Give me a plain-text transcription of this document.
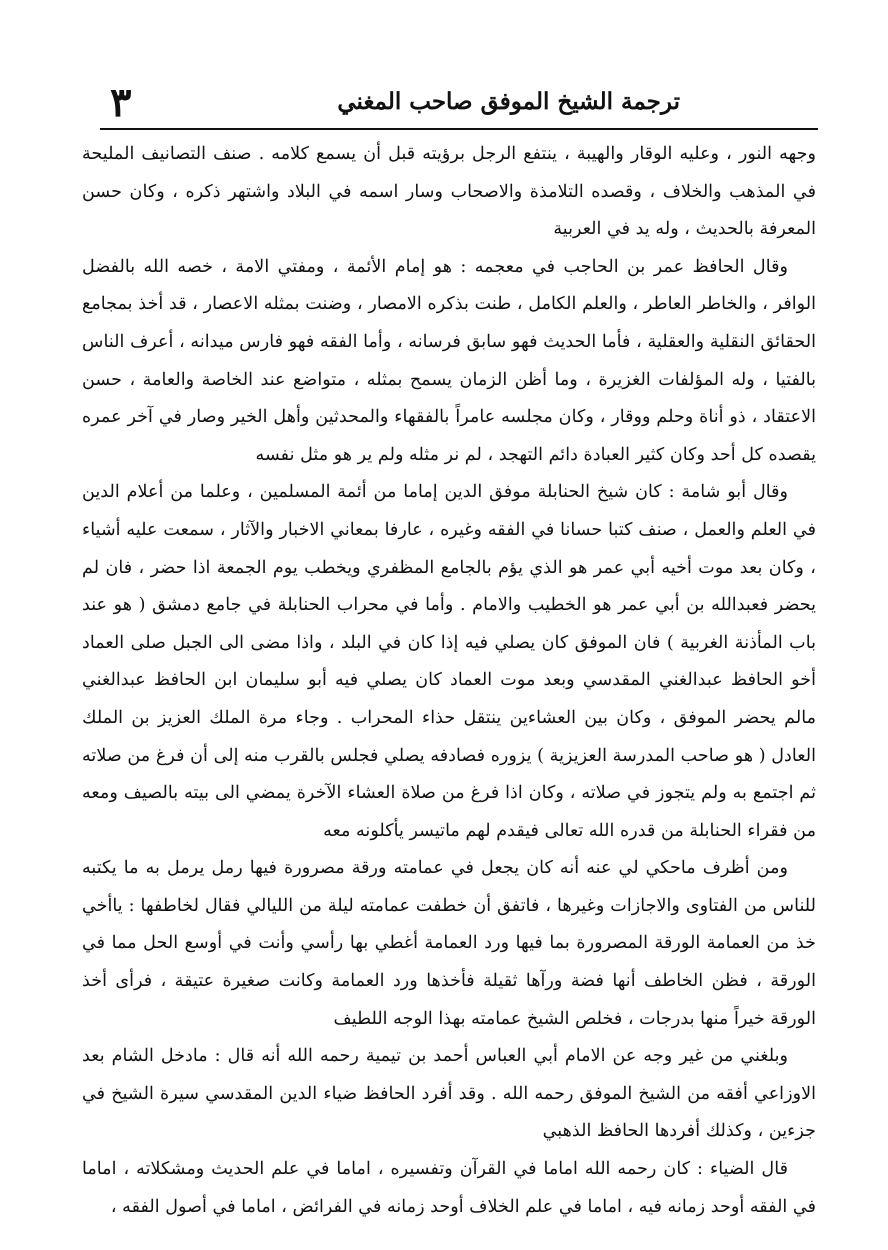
٣	ترجمة الشيخ الموفق صاحب المغني

وجهه النور ، وعليه الوقار والهيبة ، ينتفع الرجل برؤيته قبل أن يسمع كلامه . صنف التصانيف المليحة في المذهب والخلاف ، وقصده التلامذة والاصحاب وسار اسمه في البلاد واشتهر ذكره ، وكان حسن المعرفة بالحديث ، وله يد في العربية

وقال الحافظ عمر بن الحاجب في معجمه : هو إمام الأئمة ، ومفتي الامة ، خصه الله بالفضل الوافر ، والخاطر العاطر ، والعلم الكامل ، طنت بذكره الامصار ، وضنت بمثله الاعصار ، قد أخذ بمجامع الحقائق النقلية والعقلية ، فأما الحديث فهو سابق فرسانه ، وأما الفقه فهو فارس ميدانه ، أعرف الناس بالفتيا ، وله المؤلفات الغزيرة ، وما أظن الزمان يسمح بمثله ، متواضع عند الخاصة والعامة ، حسن الاعتقاد ، ذو أناة وحلم ووقار ، وكان مجلسه عامراً بالفقهاء والمحدثين وأهل الخير وصار في آخر عمره يقصده كل أحد وكان كثير العبادة دائم التهجد ، لم نر مثله ولم ير هو مثل نفسه

وقال أبو شامة : كان شيخ الحنابلة موفق الدين إماما من أئمة المسلمين ، وعلما من أعلام الدين في العلم والعمل ، صنف كتبا حسانا في الفقه وغيره ، عارفا بمعاني الاخبار والآثار ، سمعت عليه أشياء ، وكان بعد موت أخيه أبي عمر هو الذي يؤم بالجامع المظفري ويخطب يوم الجمعة اذا حضر ، فان لم يحضر فعبدالله بن أبي عمر هو الخطيب والامام . وأما في محراب الحنابلة في جامع دمشق ( هو عند باب المأذنة الغربية ) فان الموفق كان يصلي فيه إذا كان في البلد ، واذا مضى الى الجبل صلى العماد أخو الحافظ عبدالغني المقدسي وبعد موت العماد كان يصلي فيه أبو سليمان ابن الحافظ عبدالغني مالم يحضر الموفق ، وكان بين العشاءين ينتقل حذاء المحراب . وجاء مرة الملك العزيز بن الملك العادل ( هو صاحب المدرسة العزيزية ) يزوره فصادفه يصلي فجلس بالقرب منه إلى أن فرغ من صلاته ثم اجتمع به ولم يتجوز في صلاته ، وكان اذا فرغ من صلاة العشاء الآخرة يمضي الى بيته بالصيف ومعه من فقراء الحنابلة من قدره الله تعالى فيقدم لهم ماتيسر يأكلونه معه

ومن أظرف ماحكي لي عنه أنه كان يجعل في عمامته ورقة مصرورة فيها رمل يرمل به ما يكتبه للناس من الفتاوى والاجازات وغيرها ، فاتفق أن خطفت عمامته ليلة من الليالي فقال لخاطفها : ياأخي خذ من العمامة الورقة المصرورة بما فيها ورد العمامة أغطي بها رأسي وأنت في أوسع الحل مما في الورقة ، فظن الخاطف أنها فضة ورآها ثقيلة فأخذها ورد العمامة وكانت صغيرة عتيقة ، فرأى أخذ الورقة خيراً منها بدرجات ، فخلص الشيخ عمامته بهذا الوجه اللطيف

وبلغني من غير وجه عن الامام أبي العباس أحمد بن تيمية رحمه الله أنه قال : مادخل الشام بعد الاوزاعي أفقه من الشيخ الموفق رحمه الله . وقد أفرد الحافظ ضياء الدين المقدسي سيرة الشيخ في جزءين ، وكذلك أفردها الحافظ الذهبي

قال الضياء : كان رحمه الله اماما في القرآن وتفسيره ، اماما في علم الحديث ومشكلاته ، اماما في الفقه أوحد زمانه فيه ، اماما في علم الخلاف أوحد زمانه في الفرائض ، اماما في أصول الفقه ،
